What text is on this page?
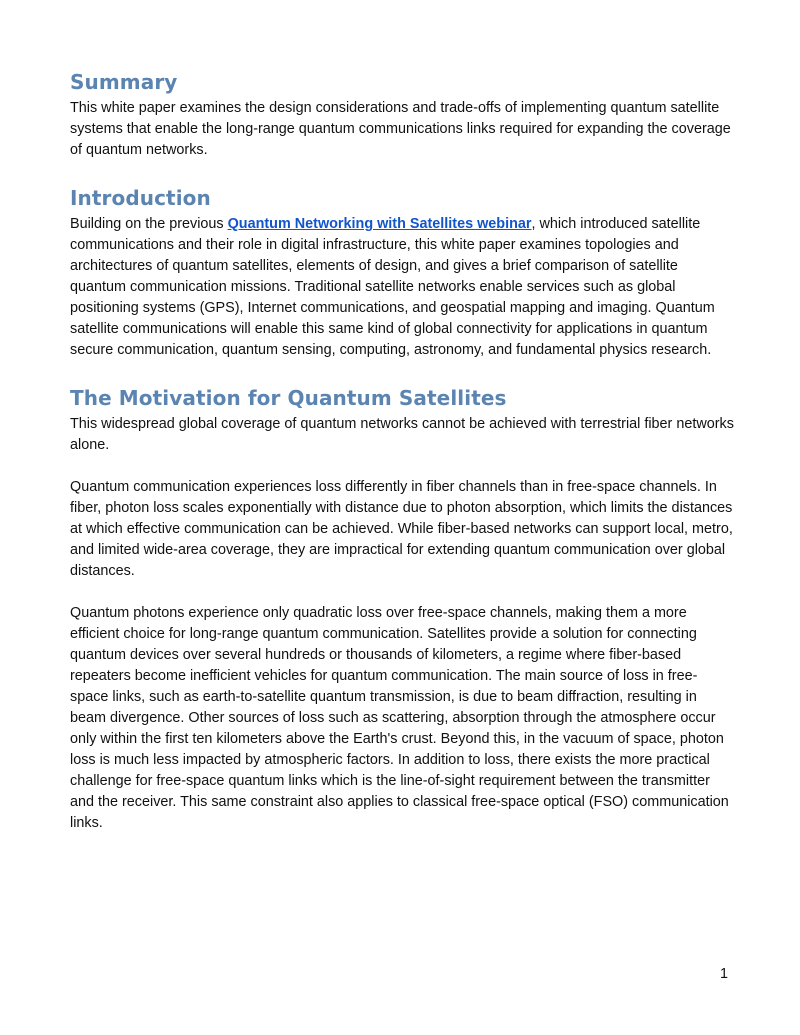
Summary

This white paper examines the design considerations and trade-offs of implementing quantum satellite systems that enable the long-range quantum communications links required for expanding the coverage of quantum networks.

Introduction

Building on the previous Quantum Networking with Satellites webinar, which introduced satellite communications and their role in digital infrastructure, this white paper examines topologies and architectures of quantum satellites, elements of design, and gives a brief comparison of satellite quantum communication missions. Traditional satellite networks enable services such as global positioning systems (GPS), Internet communications, and geospatial mapping and imaging. Quantum satellite communications will enable this same kind of global connectivity for applications in quantum secure communication, quantum sensing, computing, astronomy, and fundamental physics research.

The Motivation for Quantum Satellites

This widespread global coverage of quantum networks cannot be achieved with terrestrial fiber networks alone.

Quantum communication experiences loss differently in fiber channels than in free-space channels. In fiber, photon loss scales exponentially with distance due to photon absorption, which limits the distances at which effective communication can be achieved. While fiber-based networks can support local, metro, and limited wide-area coverage, they are impractical for extending quantum communication over global distances.

Quantum photons experience only quadratic loss over free-space channels, making them a more efficient choice for long-range quantum communication. Satellites provide a solution for connecting quantum devices over several hundreds or thousands of kilometers, a regime where fiber-based repeaters become inefficient vehicles for quantum communication. The main source of loss in free-space links, such as earth-to-satellite quantum transmission, is due to beam diffraction, resulting in beam divergence. Other sources of loss such as scattering, absorption through the atmosphere occur only within the first ten kilometers above the Earth's crust. Beyond this, in the vacuum of space, photon loss is much less impacted by atmospheric factors. In addition to loss, there exists the more practical challenge for free-space quantum links which is the line-of-sight requirement between the transmitter and the receiver. This same constraint also applies to classical free-space optical (FSO) communication links.

1
